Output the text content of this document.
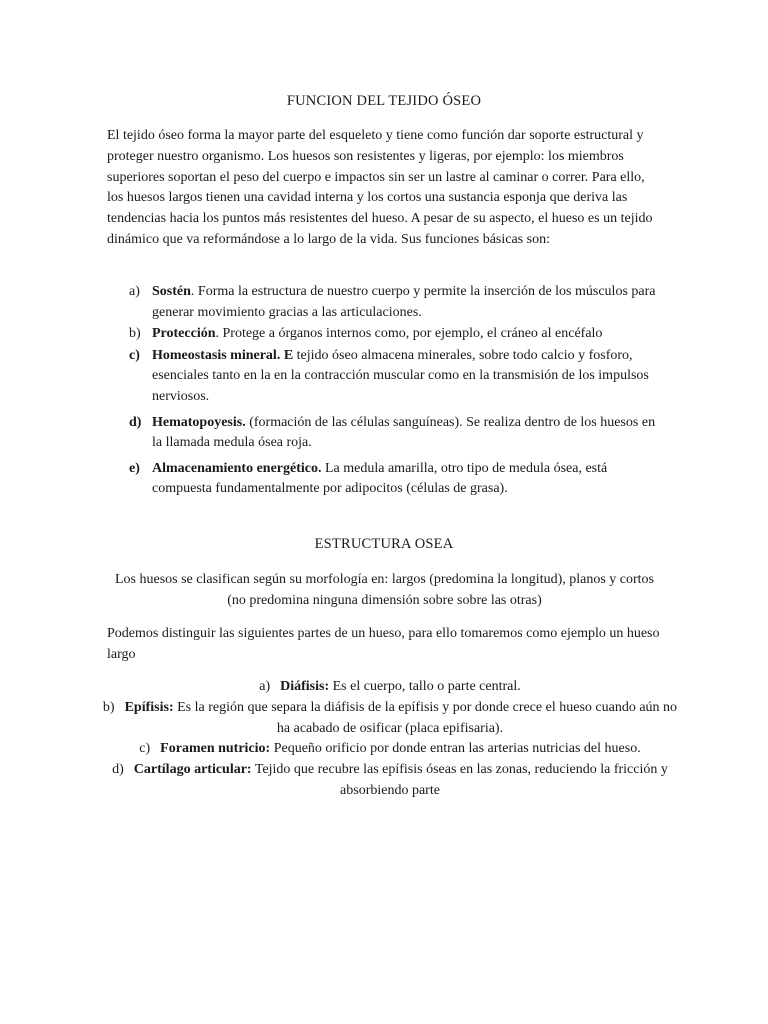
FUNCION DEL TEJIDO ÓSEO

El tejido óseo forma la mayor parte del esqueleto y tiene como función dar soporte estructural y proteger nuestro organismo. Los huesos son resistentes y ligeras, por ejemplo: los miembros superiores soportan el peso del cuerpo e impactos sin ser un lastre al caminar o correr. Para ello, los huesos largos tienen una cavidad interna y los cortos una sustancia esponja que deriva las tendencias hacia los puntos más resistentes del hueso. A pesar de su aspecto, el hueso es un tejido dinámico que va reformándose a lo largo de la vida. Sus funciones básicas son:

a) Sostén. Forma la estructura de nuestro cuerpo y permite la inserción de los músculos para generar movimiento gracias a las articulaciones.
b) Protección. Protege a órganos internos como, por ejemplo, el cráneo al encéfalo
c) Homeostasis mineral. E tejido óseo almacena minerales, sobre todo calcio y fosforo, esenciales tanto en la en la contracción muscular como en la transmisión de los impulsos nerviosos.
d) Hematopoyesis. (formación de las células sanguíneas). Se realiza dentro de los huesos en la llamada medula ósea roja.
e) Almacenamiento energético. La medula amarilla, otro tipo de medula ósea, está compuesta fundamentalmente por adipocitos (células de grasa).
ESTRUCTURA OSEA

Los huesos se clasifican según su morfología en: largos (predomina la longitud), planos y cortos (no predomina ninguna dimensión sobre sobre las otras)

Podemos distinguir las siguientes partes de un hueso, para ello tomaremos como ejemplo un hueso largo

a) Diáfisis: Es el cuerpo, tallo o parte central.
b) Epífisis: Es la región que separa la diáfisis de la epífisis y por donde crece el hueso cuando aún no ha acabado de osificar (placa epifisaria).
c) Foramen nutricio: Pequeño orificio por donde entran las arterias nutricias del hueso.
d) Cartílago articular: Tejido que recubre las epífisis óseas en las zonas, reduciendo la fricción y absorbiendo parte
